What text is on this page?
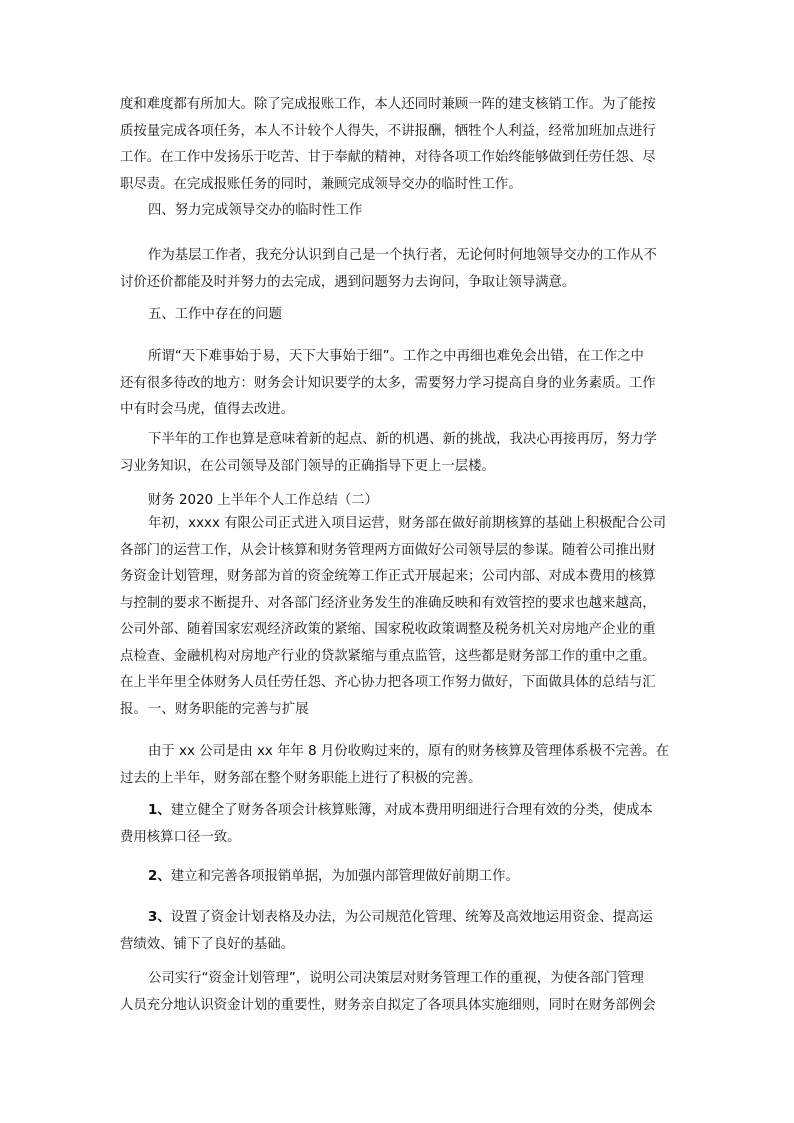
度和难度都有所加大。除了完成报账工作，本人还同时兼顾一阵的建支核销工作。为了能按
质按量完成各项任务，本人不计较个人得失，不讲报酬，牺牲个人利益，经常加班加点进行
工作。在工作中发扬乐于吃苦、甘于奉献的精神，对待各项工作始终能够做到任劳任怨、尽
职尽责。在完成报账任务的同时，兼顾完成领导交办的临时性工作。
四、努力完成领导交办的临时性工作
作为基层工作者，我充分认识到自己是一个执行者，无论何时何地领导交办的工作从不
讨价还价都能及时并努力的去完成，遇到问题努力去询问，争取让领导满意。
五、工作中存在的问题
所谓“天下难事始于易，天下大事始于细”。工作之中再细也难免会出错，在工作之中
还有很多待改的地方：财务会计知识要学的太多，需要努力学习提高自身的业务素质。工作
中有时会马虎，值得去改进。
下半年的工作也算是意味着新的起点、新的机遇、新的挑战，我决心再接再厉，努力学
习业务知识，在公司领导及部门领导的正确指导下更上一层楼。
财务 2020 上半年个人工作总结（二）
年初，xxxx 有限公司正式进入项目运营，财务部在做好前期核算的基础上积极配合公司
各部门的运营工作，从会计核算和财务管理两方面做好公司领导层的参谋。随着公司推出财
务资金计划管理，财务部为首的资金统筹工作正式开展起来；公司内部、对成本费用的核算
与控制的要求不断提升、对各部门经济业务发生的准确反映和有效管控的要求也越来越高，
公司外部、随着国家宏观经济政策的紧缩、国家税收政策调整及税务机关对房地产企业的重
点检查、金融机构对房地产行业的贷款紧缩与重点监管，这些都是财务部工作的重中之重。
在上半年里全体财务人员任劳任怨、齐心协力把各项工作努力做好，下面做具体的总结与汇
报。 一、财务职能的完善与扩展
由于 xx 公司是由 xx 年年 8 月份收购过来的，原有的财务核算及管理体系极不完善。在
过去的上半年，财务部在整个财务职能上进行了积极的完善。
1、建立健全了财务各项会计核算账簿，对成本费用明细进行合理有效的分类，使成本
费用核算口径一致。
2、建立和完善各项报销单据，为加强内部管理做好前期工作。
3、设置了资金计划表格及办法，为公司规范化管理、统筹及高效地运用资金、提高运
营绩效、铺下了良好的基础。
公司实行“资金计划管理”，说明公司决策层对财务管理工作的重视，为使各部门管理
人员充分地认识资金计划的重要性，财务亲自拟定了各项具体实施细则，同时在财务部例会
